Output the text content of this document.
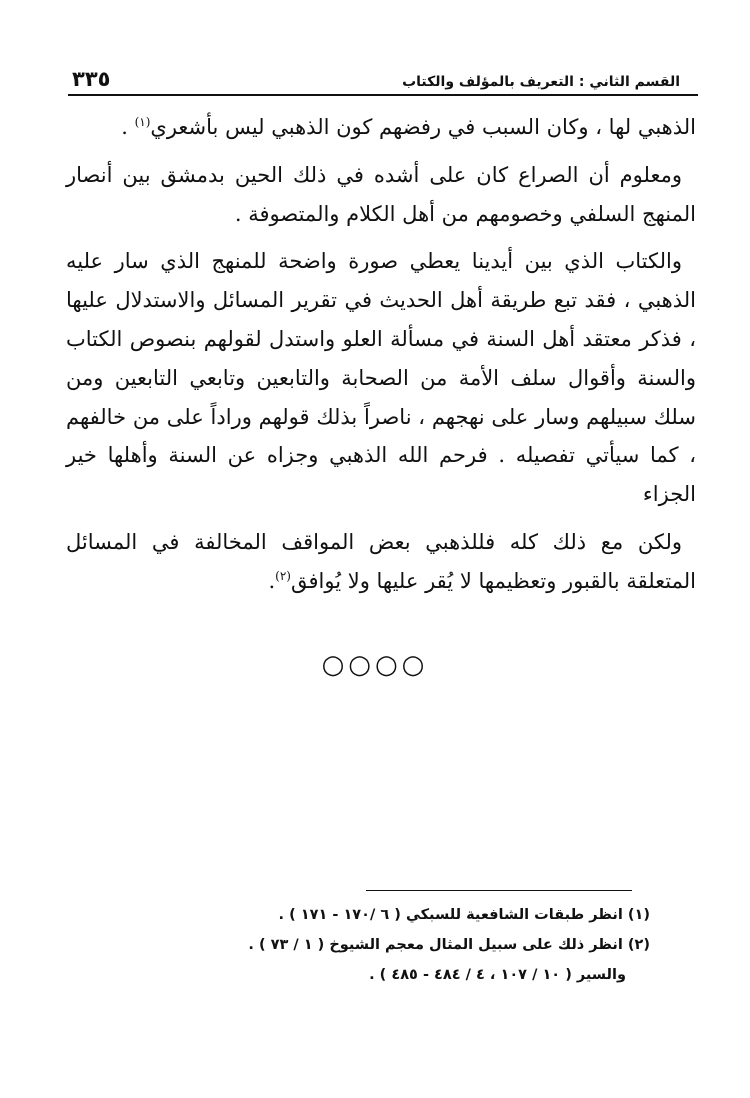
٣٣٥	القسم الثاني : التعريف بالمؤلف والكتاب

الذهبي لها ، وكان السبب في رفضهم كون الذهبي ليس بأشعري$^{(١)}$ .

ومعلوم أن الصراع كان على أشده في ذلك الحين بدمشق بين أنصار المنهج السلفي وخصومهم من أهل الكلام والمتصوفة .

والكتاب الذي بين أيدينا يعطي صورة واضحة للمنهج الذي سار عليه الذهبي ، فقد تبع طريقة أهل الحديث في تقرير المسائل والاستدلال عليها ، فذكر معتقد أهل السنة في مسألة العلو واستدل لقولهم بنصوص الكتاب والسنة وأقوال سلف الأمة من الصحابة والتابعين وتابعي التابعين ومن سلك سبيلهم وسار على نهجهم ، ناصراً بذلك قولهم وراداً على من خالفهم ، كما سيأتي تفصيله . فرحم الله الذهبي وجزاه عن السنة وأهلها خير الجزاء

ولكن مع ذلك كله فللذهبي بعض المواقف المخالفة في المسائل المتعلقة بالقبور وتعظيمها لا يُقر عليها ولا يُوافق$^{(٢)}$.

○○○○
(١) انظر طبقات الشافعية للسبكي ( ٦ /١٧٠ - ١٧١ ) .
(٢) انظر ذلك على سبيل المثال معجم الشيوخ ( ١ / ٧٣ ) .
والسير ( ١٠ / ١٠٧ ، ٤ / ٤٨٤ - ٤٨٥ ) .
